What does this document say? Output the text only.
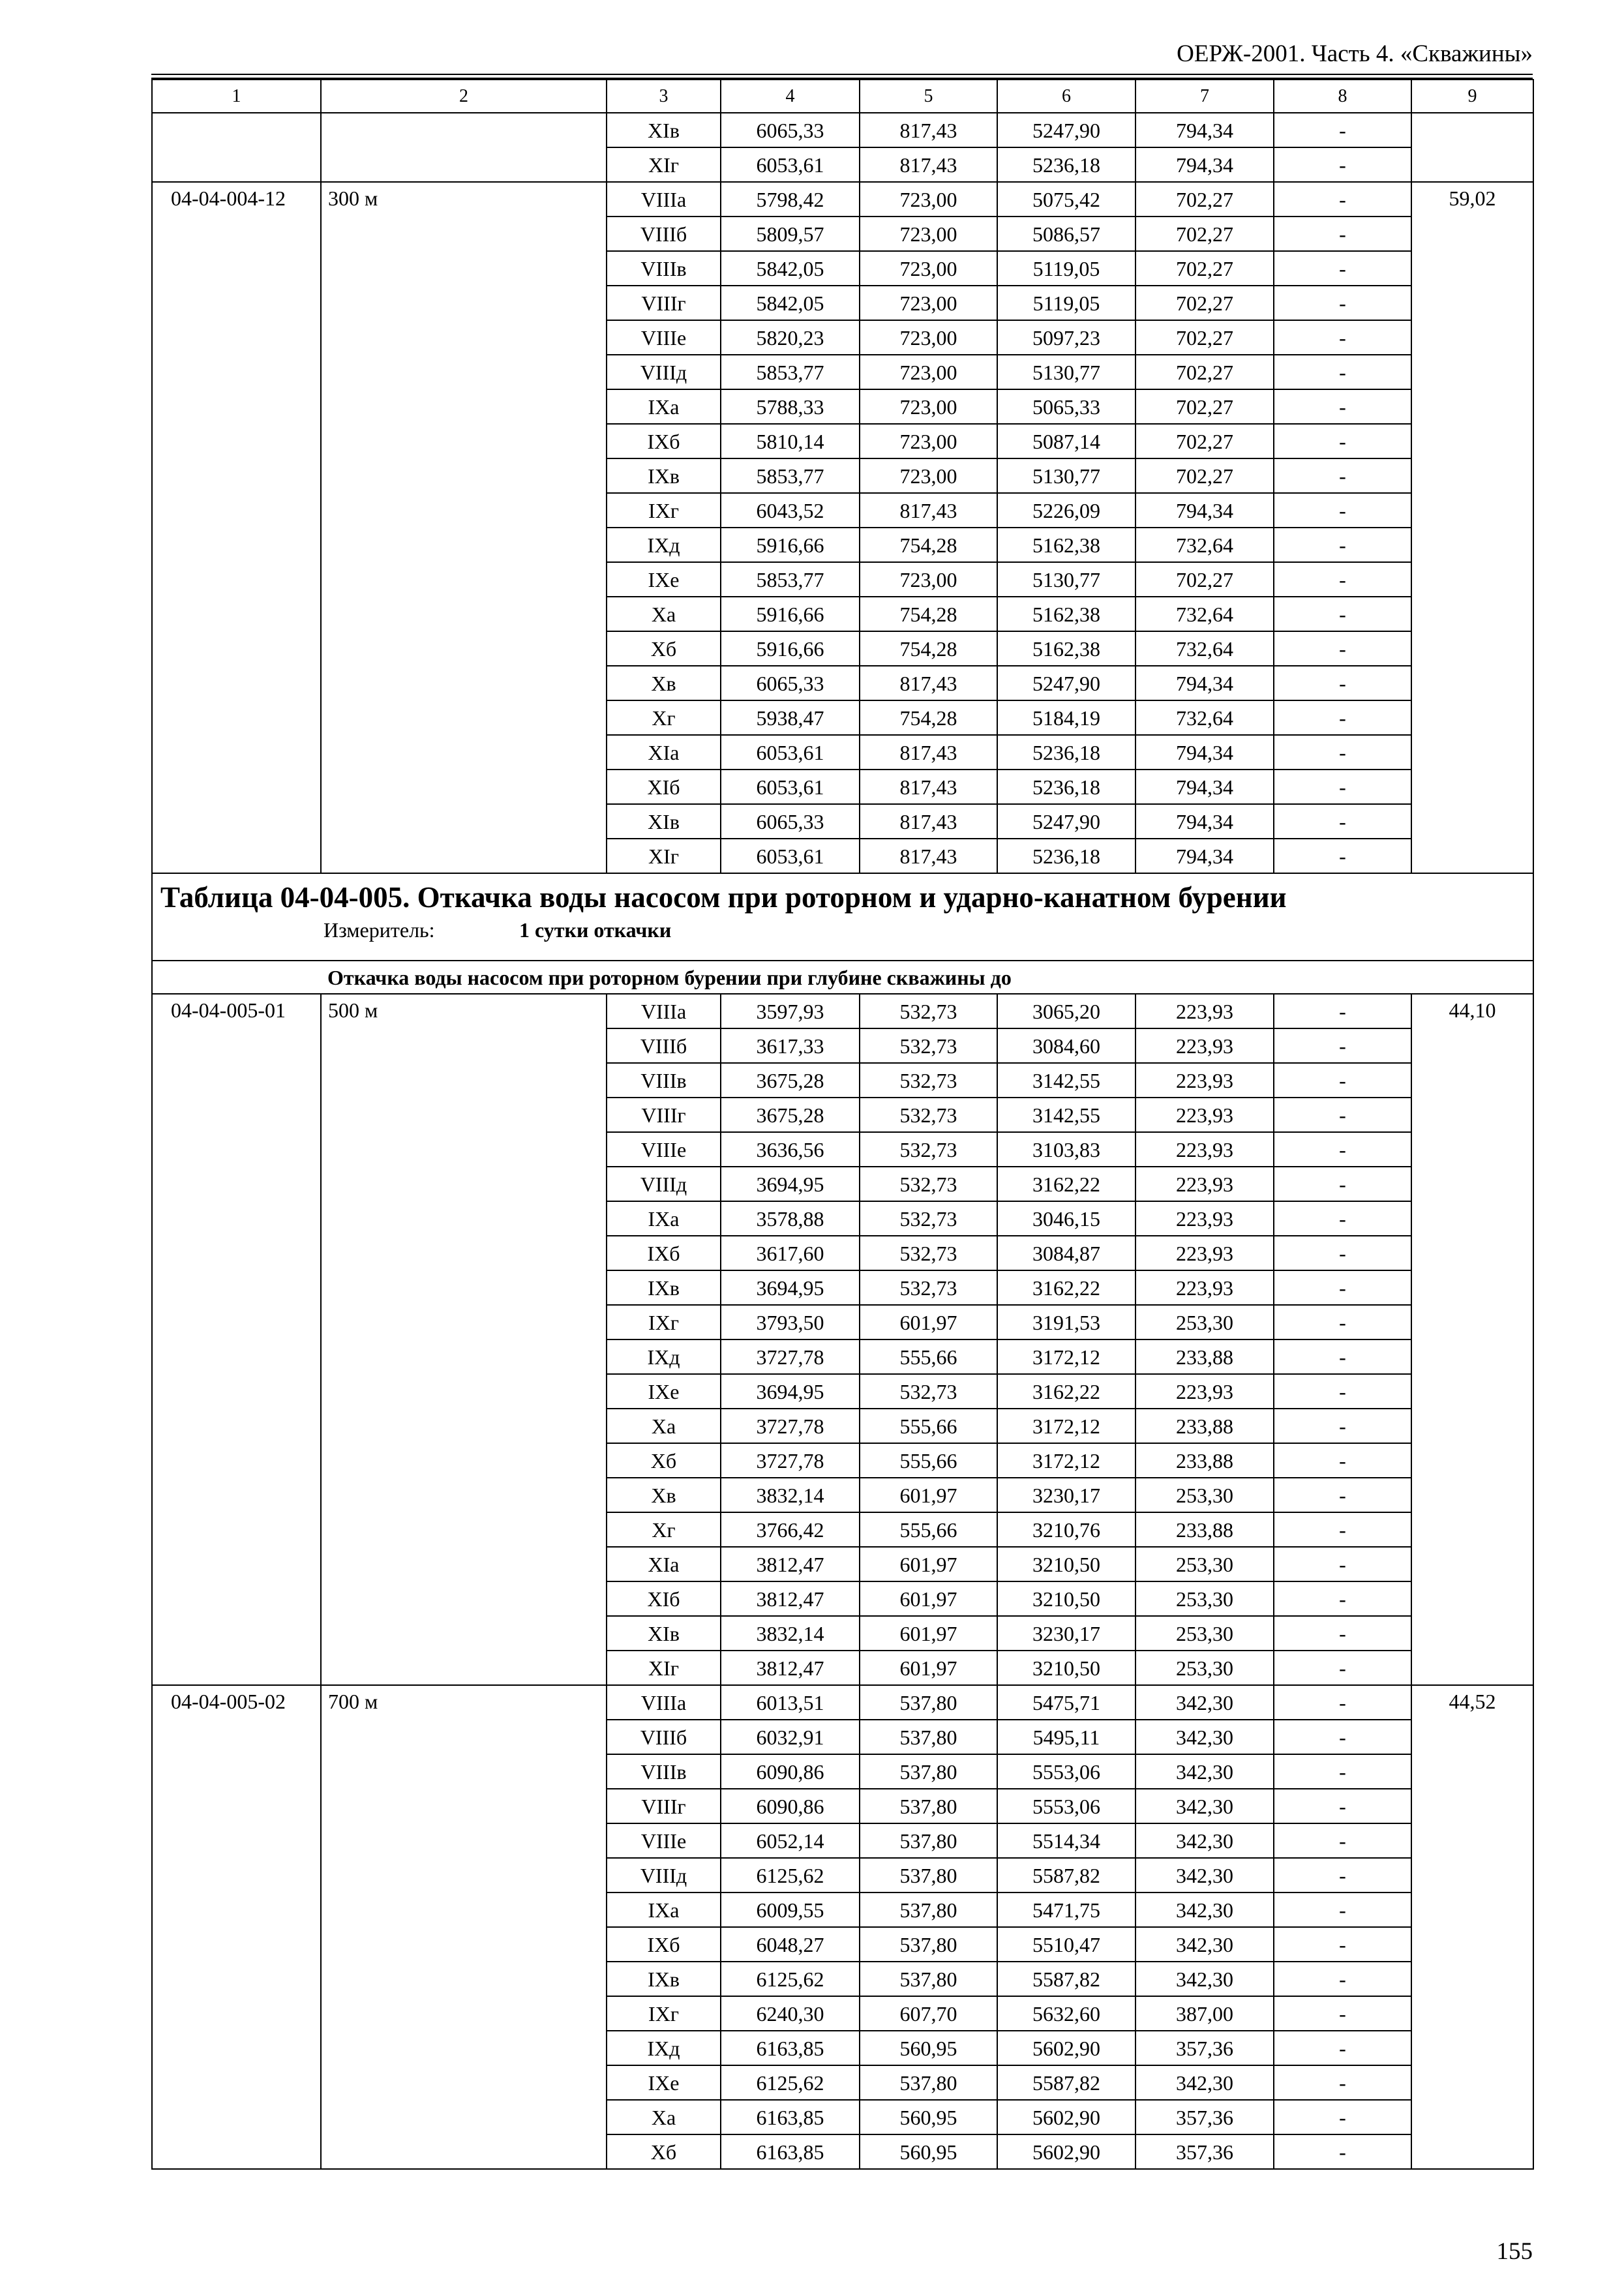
ОЕРЖ-2001. Часть 4. «Скважины»
1	2	3	4	5	6	7	8	9
		XIв	6065,33	817,43	5247,90	794,34	-	
		XIг	6053,61	817,43	5236,18	794,34	-	
04-04-004-12	300 м	VIIIа	5798,42	723,00	5075,42	702,27	-	59,02
		VIIIб	5809,57	723,00	5086,57	702,27	-	
		VIIIв	5842,05	723,00	5119,05	702,27	-	
		VIIIг	5842,05	723,00	5119,05	702,27	-	
		VIIIе	5820,23	723,00	5097,23	702,27	-	
		VIIIд	5853,77	723,00	5130,77	702,27	-	
		IXа	5788,33	723,00	5065,33	702,27	-	
		IXб	5810,14	723,00	5087,14	702,27	-	
		IXв	5853,77	723,00	5130,77	702,27	-	
		IXг	6043,52	817,43	5226,09	794,34	-	
		IXд	5916,66	754,28	5162,38	732,64	-	
		IXе	5853,77	723,00	5130,77	702,27	-	
		Xа	5916,66	754,28	5162,38	732,64	-	
		Xб	5916,66	754,28	5162,38	732,64	-	
		Xв	6065,33	817,43	5247,90	794,34	-	
		Xг	5938,47	754,28	5184,19	732,64	-	
		XIа	6053,61	817,43	5236,18	794,34	-	
		XIб	6053,61	817,43	5236,18	794,34	-	
		XIв	6065,33	817,43	5247,90	794,34	-	
		XIг	6053,61	817,43	5236,18	794,34	-	

Таблица 04-04-005. Откачка воды насосом при роторном и ударно-канатном бурении
Измеритель: 1 сутки откачки								

Откачка воды насосом при роторном бурении при глубине скважины до								
04-04-005-01	500 м	VIIIа	3597,93	532,73	3065,20	223,93	-	44,10
		VIIIб	3617,33	532,73	3084,60	223,93	-	
		VIIIв	3675,28	532,73	3142,55	223,93	-	
		VIIIг	3675,28	532,73	3142,55	223,93	-	
		VIIIе	3636,56	532,73	3103,83	223,93	-	
		VIIIд	3694,95	532,73	3162,22	223,93	-	
		IXа	3578,88	532,73	3046,15	223,93	-	
		IXб	3617,60	532,73	3084,87	223,93	-	
		IXв	3694,95	532,73	3162,22	223,93	-	
		IXг	3793,50	601,97	3191,53	253,30	-	
		IXд	3727,78	555,66	3172,12	233,88	-	
		IXе	3694,95	532,73	3162,22	223,93	-	
		Xа	3727,78	555,66	3172,12	233,88	-	
		Xб	3727,78	555,66	3172,12	233,88	-	
		Xв	3832,14	601,97	3230,17	253,30	-	
		Xг	3766,42	555,66	3210,76	233,88	-	
		XIа	3812,47	601,97	3210,50	253,30	-	
		XIб	3812,47	601,97	3210,50	253,30	-	
		XIв	3832,14	601,97	3230,17	253,30	-	
		XIг	3812,47	601,97	3210,50	253,30	-	
04-04-005-02	700 м	VIIIа	6013,51	537,80	5475,71	342,30	-	44,52
		VIIIб	6032,91	537,80	5495,11	342,30	-	
		VIIIв	6090,86	537,80	5553,06	342,30	-	
		VIIIг	6090,86	537,80	5553,06	342,30	-	
		VIIIе	6052,14	537,80	5514,34	342,30	-	
		VIIIд	6125,62	537,80	5587,82	342,30	-	
		IXа	6009,55	537,80	5471,75	342,30	-	
		IXб	6048,27	537,80	5510,47	342,30	-	
		IXв	6125,62	537,80	5587,82	342,30	-	
		IXг	6240,30	607,70	5632,60	387,00	-	
		IXд	6163,85	560,95	5602,90	357,36	-	
		IXе	6125,62	537,80	5587,82	342,30	-	
		Xа	6163,85	560,95	5602,90	357,36	-	
		Xб	6163,85	560,95	5602,90	357,36	-	
155
